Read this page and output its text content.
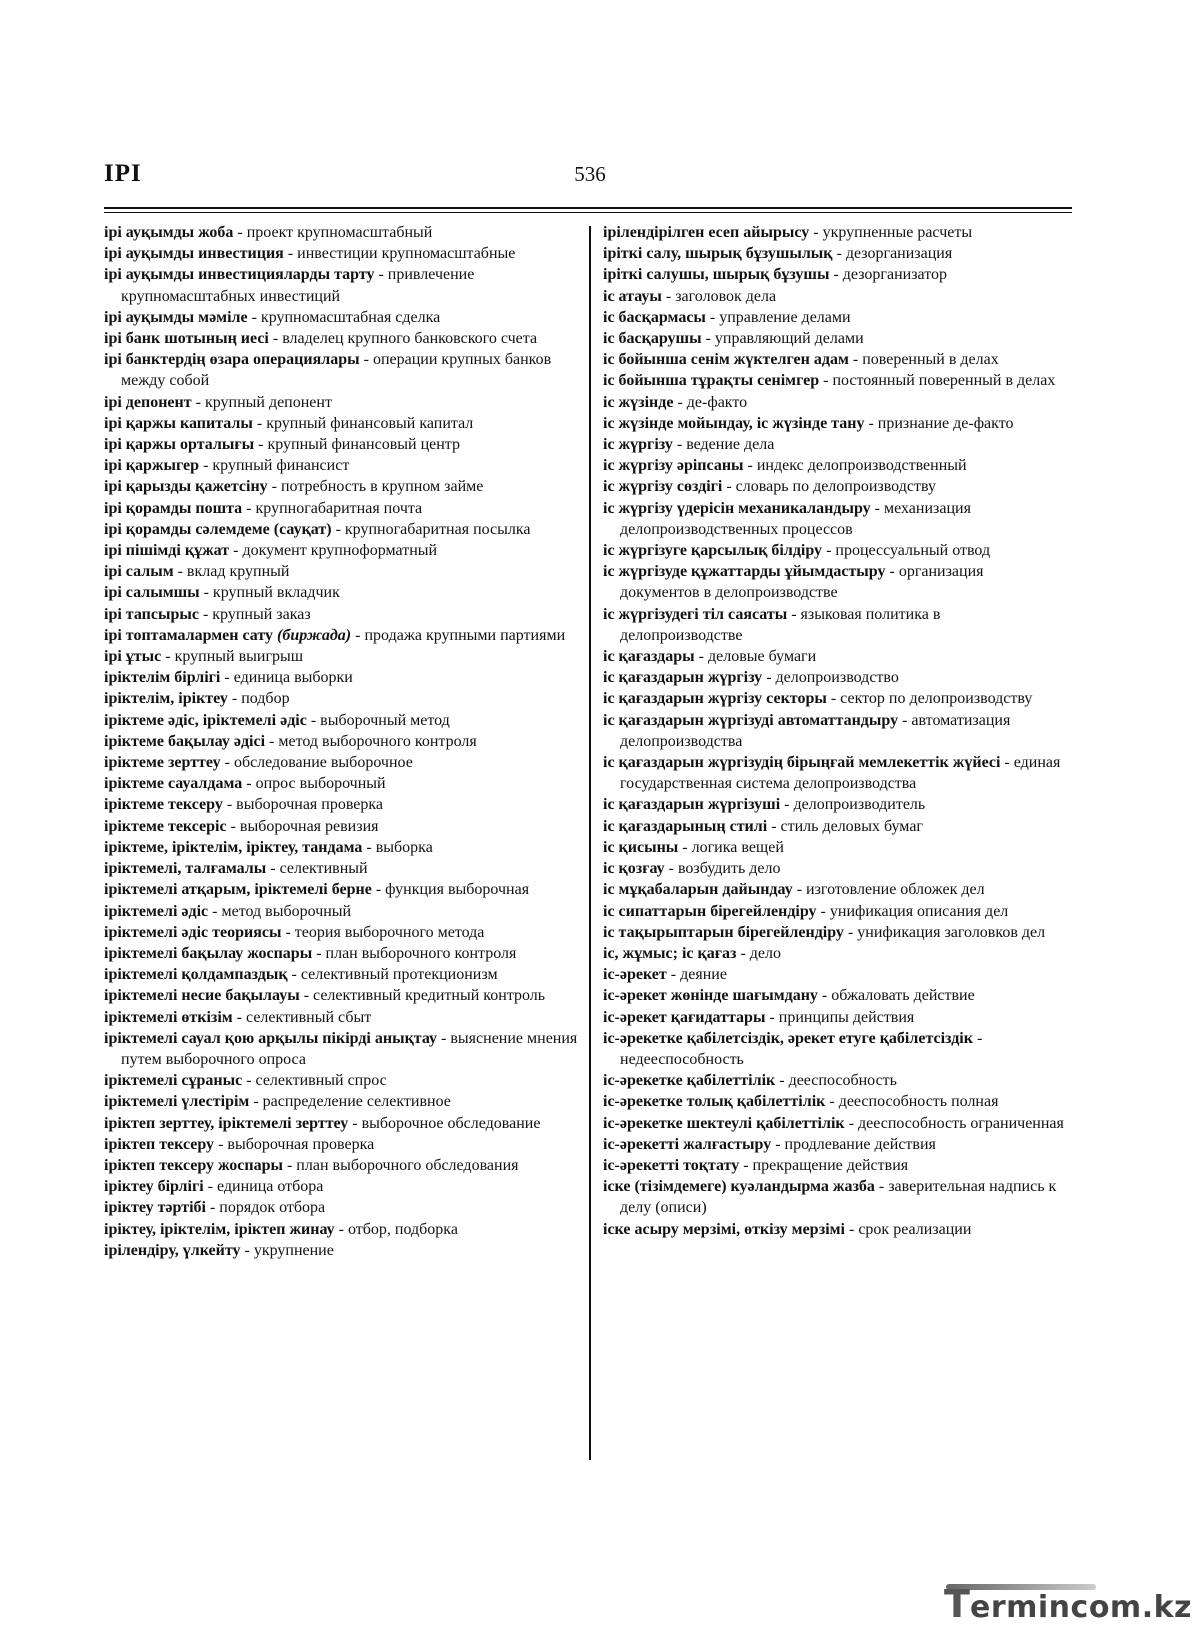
IPI	536

ірі ауқымды жоба - проект крупномасштабный

ірі ауқымды инвестиция - инвестиции крупномасштабные

ірі ауқымды инвестицияларды тарту - привлечение крупномасштабных инвестиций

ірі ауқымды мәміле - крупномасштабная сделка

ірі банк шотының иесі - владелец крупного банковского счета

ірі банктердің өзара операциялары - операции крупных банков между собой

ірі депонент - крупный депонент

ірі қаржы капиталы - крупный финансовый капитал

ірі қаржы орталығы - крупный финансовый центр

ірі қаржыгер - крупный финансист

ірі қарызды қажетсіну - потребность в крупном займе

ірі қорамды пошта - крупногабаритная почта

ірі қорамды сәлемдеме (сауқат) - крупногабаритная посылка

ірі пішімді құжат - документ крупноформатный

ірі салым - вклад крупный

ірі салымшы - крупный вкладчик

ірі тапсырыс - крупный заказ

ірі топтамалармен сату (биржада) - продажа крупными партиями

ірі ұтыс - крупный выигрыш

іріктелім бірлігі - единица выборки

іріктелім, іріктеу - подбор

іріктеме әдіс, іріктемелі әдіс - выборочный метод

іріктеме бақылау әдісі - метод выборочного контроля

іріктеме зерттеу - обследование выборочное

іріктеме сауалдама - опрос выборочный

іріктеме тексеру - выборочная проверка

іріктеме тексеріс - выборочная ревизия

іріктеме, іріктелім, іріктеу, тандама - выборка

іріктемелі, талғамалы - селективный

іріктемелі атқарым, іріктемелі берне - функция выборочная

іріктемелі әдіс - метод выборочный

іріктемелі әдіс теориясы - теория выборочного метода

іріктемелі бақылау жоспары - план выборочного контроля

іріктемелі қолдампаздық - селективный протекционизм

іріктемелі несие бақылауы - селективный кредитный контроль

іріктемелі өткізім - селективный сбыт

іріктемелі сауал қою арқылы пікірді анықтау - выяснение мнения путем выборочного опроса

іріктемелі сұраныс - селективный спрос

іріктемелі үлестірім - распределение селективное

іріктеп зерттеу, іріктемелі зерттеу - выборочное обследование

іріктеп тексеру - выборочная проверка

іріктеп тексеру жоспары - план выборочного обследования

іріктеу бірлігі - единица отбора

іріктеу тәртібі - порядок отбора

іріктеу, іріктелім, іріктеп жинау - отбор, подборка

ірілендіру, үлкейту - укрупнение

ірілендірілген есеп айырысу - укрупненные расчеты

іріткі салу, шырық бұзушылық - дезорганизация

іріткі салушы, шырық бұзушы - дезорганизатор

іс атауы - заголовок дела

іс басқармасы - управление делами

іс басқарушы - управляющий делами

іс бойынша сенім жүктелген адам - поверенный в делах

іс бойынша тұрақты сенімгер - постоянный поверенный в делах

іс жүзінде - де-факто

іс жүзінде мойындау, іс жүзінде тану - признание де-факто

іс жүргізу - ведение дела

іс жүргізу әріпсаны - индекс делопроизводственный

іс жүргізу сөздігі - словарь по делопроизводству

іс жүргізу үдерісін механикаландыру - механизация делопроизводственных процессов

іс жүргізуге қарсылық білдіру - процессуальный отвод

іс жүргізуде құжаттарды ұйымдастыру - организация документов в делопроизводстве

іс жүргізудегі тіл саясаты - языковая политика в делопроизводстве

іс қағаздары - деловые бумаги

іс қағаздарын жүргізу - делопроизводство

іс қағаздарын жүргізу секторы - сектор по делопроизводству

іс қағаздарын жүргізуді автоматтандыру - автоматизация делопроизводства

іс қағаздарын жүргізудің бірыңғай мемлекеттік жүйесі - единая государственная система делопроизводства

іс қағаздарын жүргізуші - делопроизводитель

іс қағаздарының стилі - стиль деловых бумаг

іс қисыны - логика вещей

іс қозғау - возбудить дело

іс мұқабаларын дайындау - изготовление обложек дел

іс сипаттарын бірегейлендіру - унификация описания дел

іс тақырыптарын бірегейлендіру - унификация заголовков дел

іс, жұмыс; іс қағаз - дело

іс-әрекет - деяние

іс-әрекет жөнінде шағымдану - обжаловать действие

іс-әрекет қағидаттары - принципы действия

іс-әрекетке қабілетсіздік, әрекет етуге қабілетсіздік - недееспособность

іс-әрекетке қабілеттілік - дееспособность

іс-әрекетке толық қабілеттілік - дееспособность полная

іс-әрекетке шектеулі қабілеттілік - дееспособность ограниченная

іс-әрекетті жалғастыру - продлевание действия

іс-әрекетті тоқтату - прекращение действия

іске (тізімдемеге) куәландырма жазба - заверительная надпись к делу (описи)

іске асыру мерзімі, өткізу мерзімі - срок реализации

T ermincom.kz
